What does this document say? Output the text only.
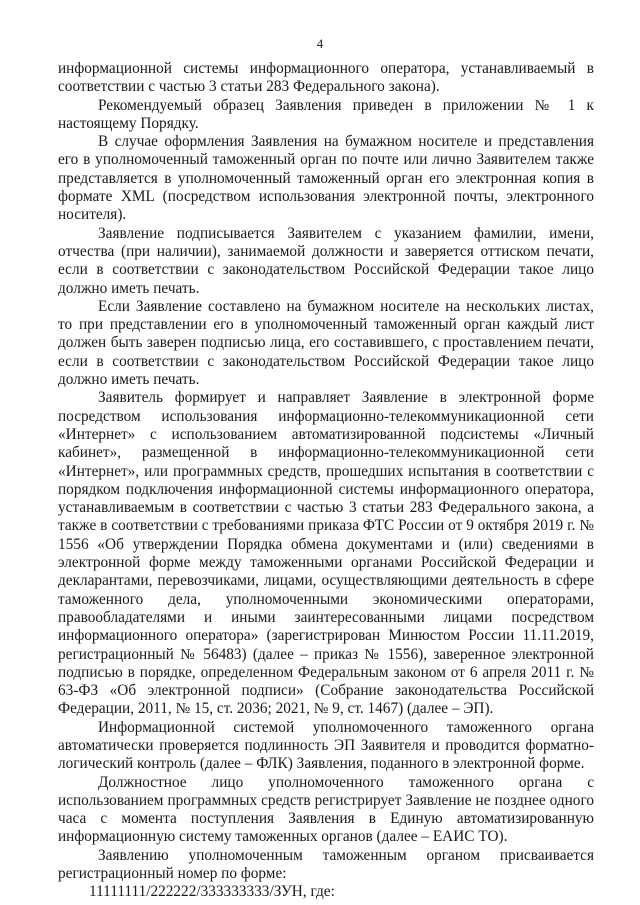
4

информационной системы информационного оператора, устанавливаемый в соответствии с частью 3 статьи 283 Федерального закона).

Рекомендуемый образец Заявления приведен в приложении № 1 к настоящему Порядку.

В случае оформления Заявления на бумажном носителе и представления его в уполномоченный таможенный орган по почте или лично Заявителем также представляется в уполномоченный таможенный орган его электронная копия в формате XML (посредством использования электронной почты, электронного носителя).

Заявление подписывается Заявителем с указанием фамилии, имени, отчества (при наличии), занимаемой должности и заверяется оттиском печати, если в соответствии с законодательством Российской Федерации такое лицо должно иметь печать.

Если Заявление составлено на бумажном носителе на нескольких листах, то при представлении его в уполномоченный таможенный орган каждый лист должен быть заверен подписью лица, его составившего, с проставлением печати, если в соответствии с законодательством Российской Федерации такое лицо должно иметь печать.

Заявитель формирует и направляет Заявление в электронной форме посредством использования информационно-телекоммуникационной сети «Интернет» с использованием автоматизированной подсистемы «Личный кабинет», размещенной в информационно-телекоммуникационной сети «Интернет», или программных средств, прошедших испытания в соответствии с порядком подключения информационной системы информационного оператора, устанавливаемым в соответствии с частью 3 статьи 283 Федерального закона, а также в соответствии с требованиями приказа ФТС России от 9 октября 2019 г. № 1556 «Об утверждении Порядка обмена документами и (или) сведениями в электронной форме между таможенными органами Российской Федерации и декларантами, перевозчиками, лицами, осуществляющими деятельность в сфере таможенного дела, уполномоченными экономическими операторами, правообладателями и иными заинтересованными лицами посредством информационного оператора» (зарегистрирован Минюстом России 11.11.2019, регистрационный № 56483) (далее – приказ № 1556), заверенное электронной подписью в порядке, определенном Федеральным законом от 6 апреля 2011 г. № 63-ФЗ «Об электронной подписи» (Собрание законодательства Российской Федерации, 2011, № 15, ст. 2036; 2021, № 9, ст. 1467) (далее – ЭП).

Информационной системой уполномоченного таможенного органа автоматически проверяется подлинность ЭП Заявителя и проводится форматно-логический контроль (далее – ФЛК) Заявления, поданного в электронной форме.

Должностное лицо уполномоченного таможенного органа с использованием программных средств регистрирует Заявление не позднее одного часа с момента поступления Заявления в Единую автоматизированную информационную систему таможенных органов (далее – ЕАИС ТО).

Заявлению уполномоченным таможенным органом присваивается регистрационный номер по форме:

11111111/222222/333333333/ЗУН, где:
